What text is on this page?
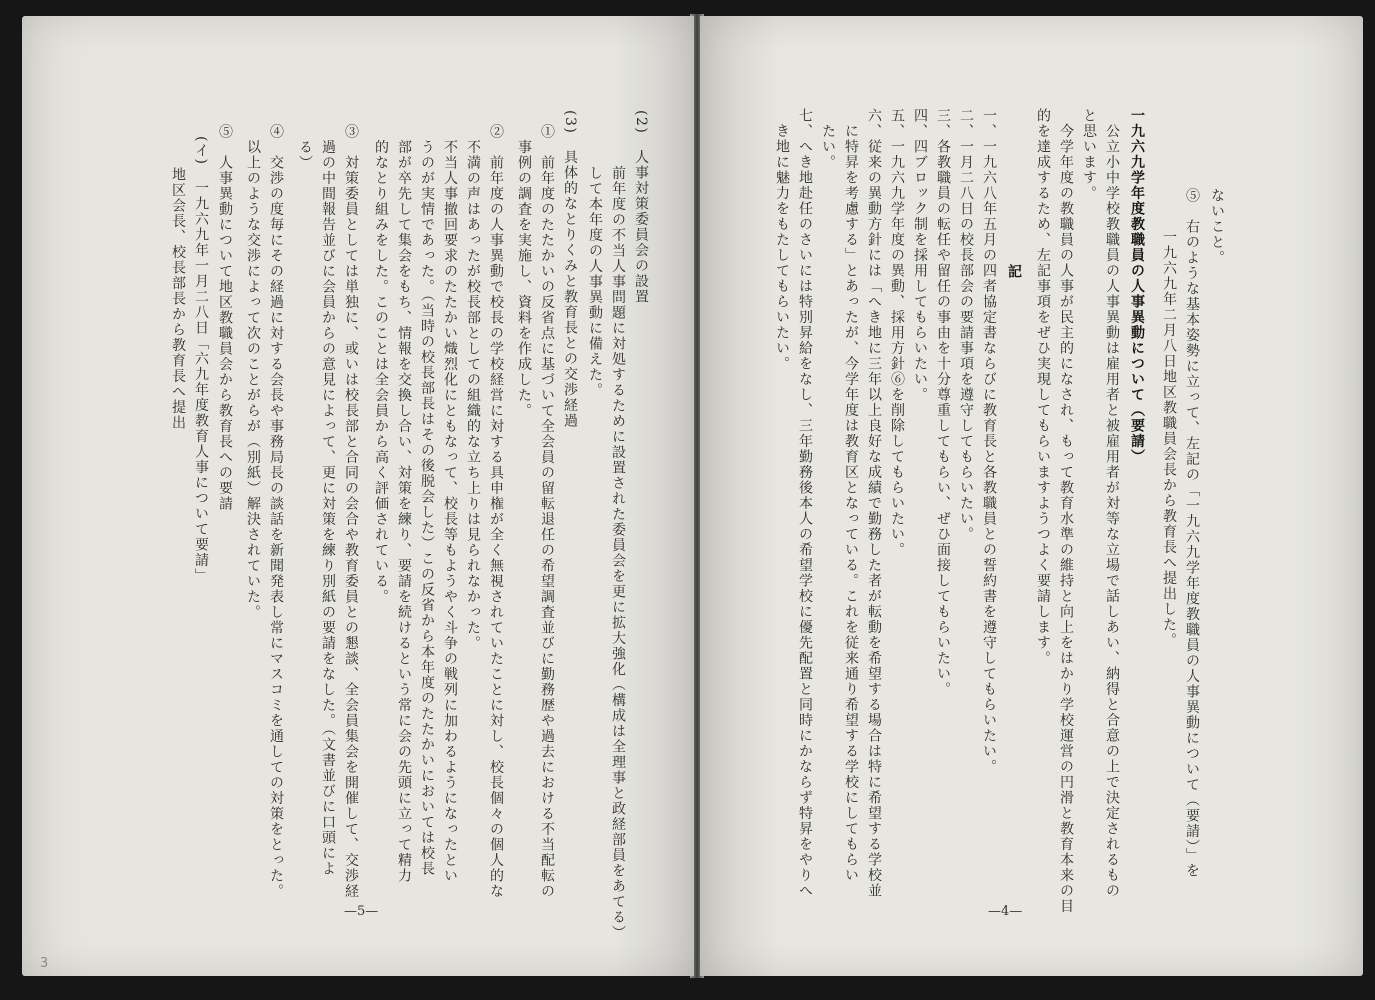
(2)　人事対策委員会の設置
　前年度の不当人事問題に対処するために設置された委員会を更に拡大強化（構成は全理事と政経部員をあてる）
　して本年度の人事異動に備えた。
(3)　具体的なとりくみと教育長との交渉経過
①　前年度のたたかいの反省点に基づいて全会員の留転退任の希望調査並びに勤務歴や過去における不当配転の
　事例の調査を実施し、資料を作成した。
②　前年度の人事異動で校長の学校経営に対する具申権が全く無視されていたことに対し、校長個々の個人的な
　不満の声はあったが校長部としての組織的な立ち上りは見られなかった。
　不当人事撤回要求のたたかい熾烈化にともなって、校長等もようやく斗争の戦列に加わるようになったとい
　うのが実情であった。（当時の校長部長はその後脱会した）この反省から本年度のたたかいにおいては校長
　部が卒先して集会をもち、情報を交換し合い、対策を練り、要請を続けるという常に会の先頭に立って精力
　的なとり組みをした。このことは全会員から高く評価されている。
③　対策委員としては単独に、或いは校長部と合同の会合や教育委員との懇談、全会員集会を開催して、交渉経
　過の中間報告並びに会員からの意見によって、更に対策を練り別紙の要請をなした。（文書並びに口頭によ
　る）
④　交渉の度毎にその経過に対する会長や事務局長の談話を新聞発表し常にマスコミを通しての対策をとった。
　以上のような交渉によって次のことがらが（別紙）解決されていた。
⑤　人事異動について地区教職員会から教育長への要請
(イ)　一九六九年一月二八日「六九年度教育人事について要請」
　　地区会長、校長部長から教育長へ提出
—5—
3
ないこと。
⑤　右のような基本姿勢に立って、左記の「一九六九学年度教職員の人事異動について（要請）」を
　一九六九年二月八日地区教職員会長から教育長へ提出した。
一九六九学年度教職員の人事異動について（要請）
　公立小中学校教職員の人事異動は雇用者と被雇用者が対等な立場で話しあい、納得と合意の上で決定されるもの
と思います。
　今学年度の教職員の人事が民主的になされ、もって教育水準の維持と向上をはかり学校運営の円滑と教育本来の目
的を達成するため、左記事項をぜひ実現してもらいますようつよく要請します。
記
一、一九六八年五月の四者協定書ならびに教育長と各教職員との誓約書を遵守してもらいたい。
二、一月二八日の校長部会の要請事項を遵守してもらいたい。
三、各教職員の転任や留任の事由を十分尊重してもらい、ぜひ面接してもらいたい。
四、四ブロック制を採用してもらいたい。
五、一九六九学年度の異動、採用方針⑥を削除してもらいたい。
六、従来の異動方針には「へき地に三年以上良好な成績で勤務した者が転動を希望する場合は特に希望する学校並
　に特昇を考慮する」とあったが、今学年度は教育区となっている。これを従来通り希望する学校にしてもらい
　たい。
七、へき地赴任のさいには特別昇給をなし、三年勤務後本人の希望学校に優先配置と同時にかならず特昇をやりへ
　き地に魅力をもたしてもらいたい。
—4—
